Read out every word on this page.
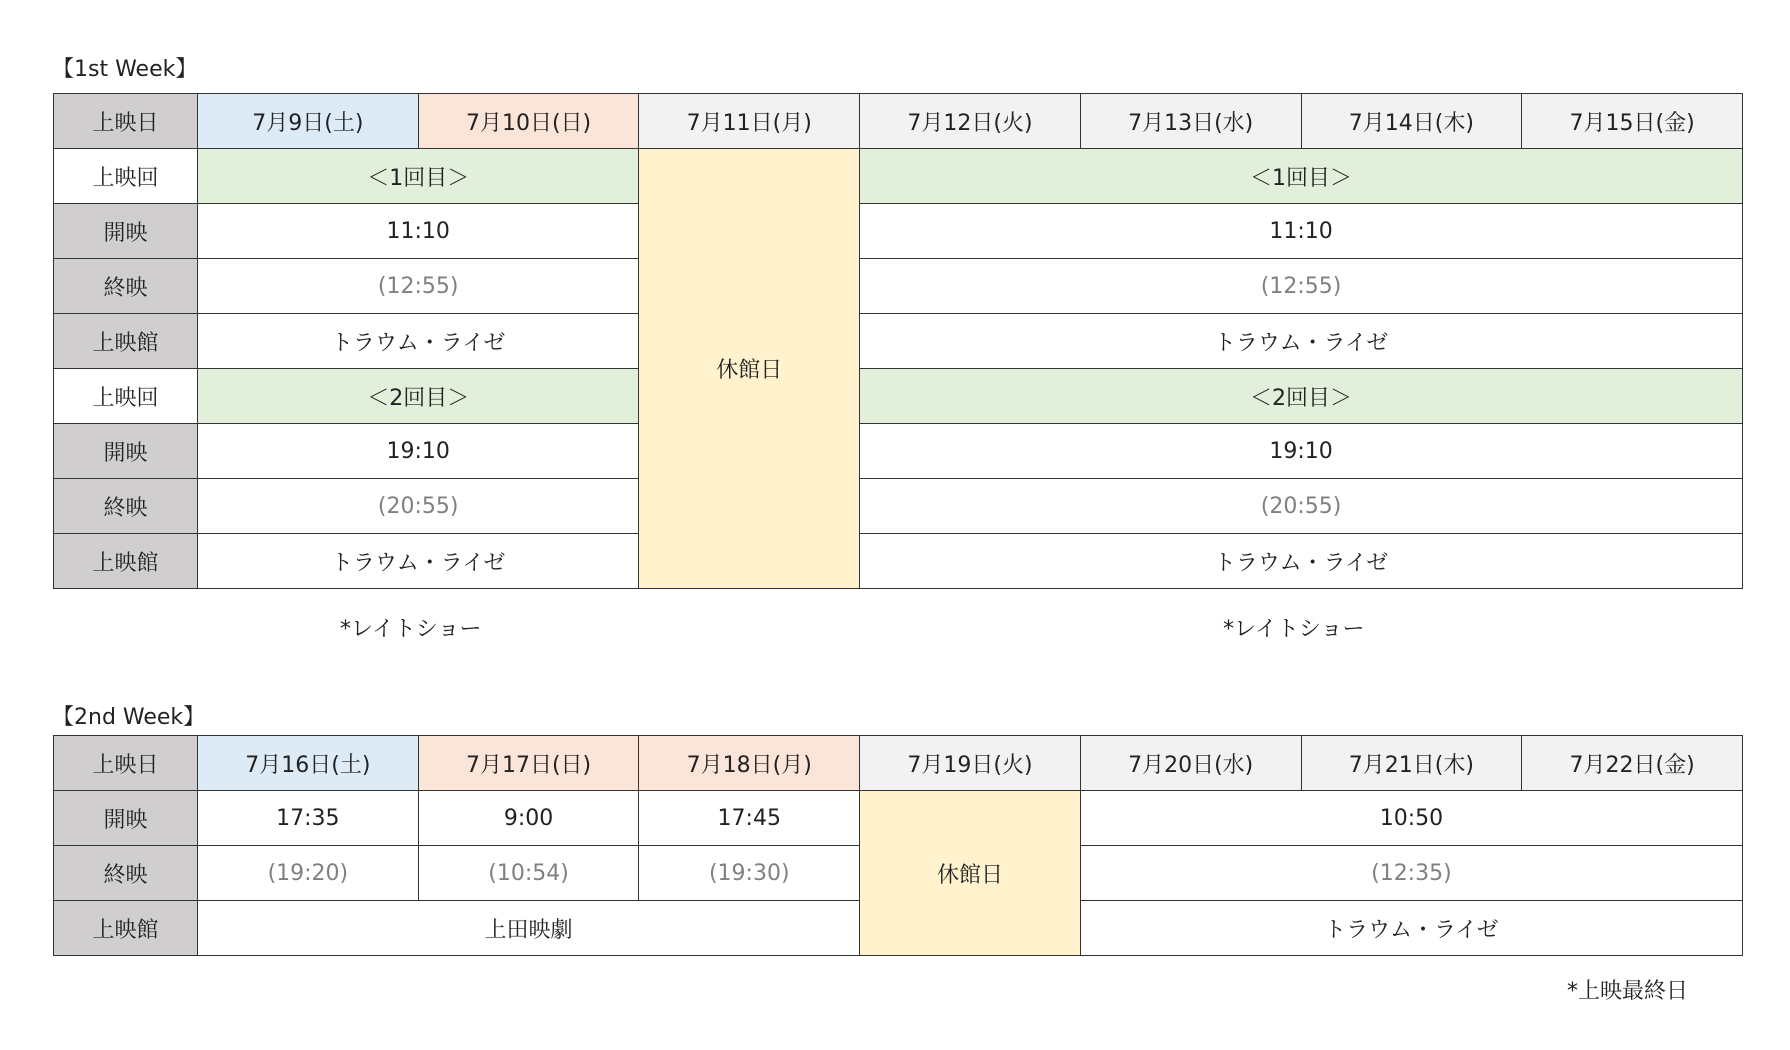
【1st Week】
上映日	7月9日(土)	7月10日(日)	7月11日(月)	7月12日(火)	7月13日(水)	7月14日(木)	7月15日(金)
上映回	＜1回目＞		休館日	＜1回目＞			
開映	11:10			11:10			
終映	(12:55)			(12:55)			
上映館	トラウム・ライゼ			トラウム・ライゼ			
上映回	＜2回目＞			＜2回目＞			
開映	19:10			19:10			
終映	(20:55)			(20:55)			
上映館	トラウム・ライゼ			トラウム・ライゼ			
*レイトショー	*レイトショー
【2nd Week】
上映日	7月16日(土)	7月17日(日)	7月18日(月)	7月19日(火)	7月20日(水)	7月21日(木)	7月22日(金)
開映	17:35	9:00	17:45	休館日	10:50		
終映	(19:20)	(10:54)	(19:30)		(12:35)		
上映館	上田映劇				トラウム・ライゼ		
*上映最終日
